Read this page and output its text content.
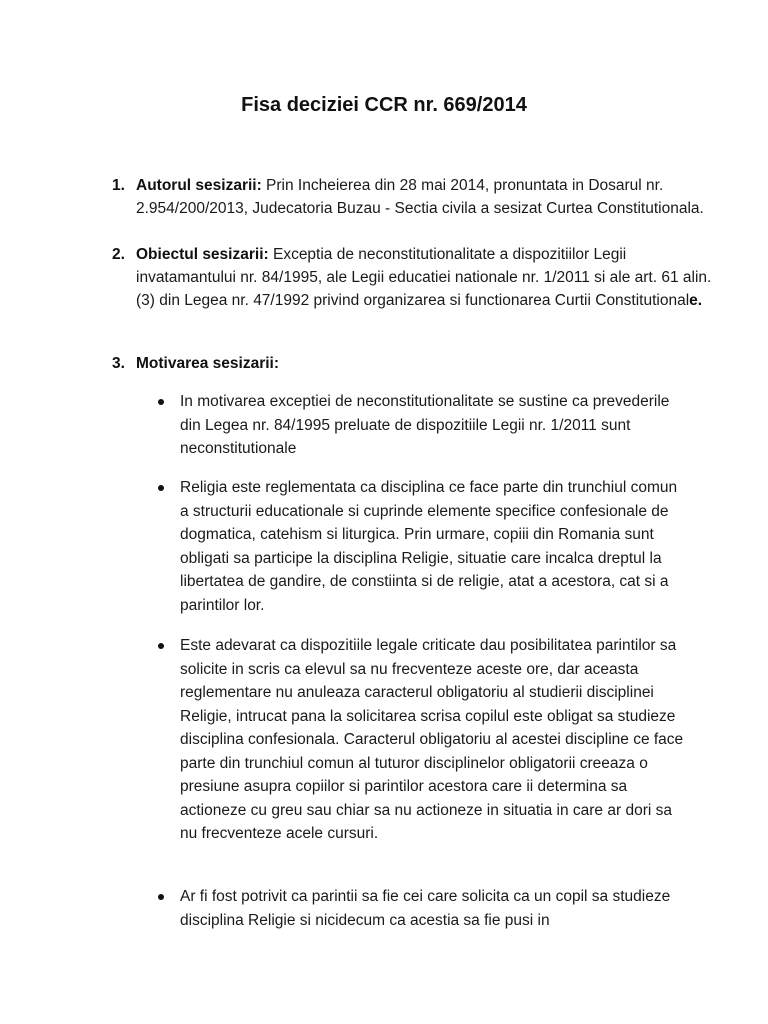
Fisa deciziei CCR nr. 669/2014
1. Autorul sesizarii: Prin Incheierea din 28 mai 2014, pronuntata in Dosarul nr. 2.954/200/2013, Judecatoria Buzau - Sectia civila a sesizat Curtea Constitutionala.
2. Obiectul sesizarii: Exceptia de neconstitutionalitate a dispozitiilor Legii invatamantului nr. 84/1995, ale Legii educatiei nationale nr. 1/2011 si ale art. 61 alin. (3) din Legea nr. 47/1992 privind organizarea si functionarea Curtii Constitutionale.
3. Motivarea sesizarii:
In motivarea exceptiei de neconstitutionalitate se sustine ca prevederile din Legea nr. 84/1995 preluate de dispozitiile Legii nr. 1/2011 sunt neconstitutionale
Religia este reglementata ca disciplina ce face parte din trunchiul comun a structurii educationale si cuprinde elemente specifice confesionale de dogmatica, catehism si liturgica. Prin urmare, copiii din Romania sunt obligati sa participe la disciplina Religie, situatie care incalca dreptul la libertatea de gandire, de constiinta si de religie, atat a acestora, cat si a parintilor lor.
Este adevarat ca dispozitiile legale criticate dau posibilitatea parintilor sa solicite in scris ca elevul sa nu frecventeze aceste ore, dar aceasta reglementare nu anuleaza caracterul obligatoriu al studierii disciplinei Religie, intrucat pana la solicitarea scrisa copilul este obligat sa studieze disciplina confesionala. Caracterul obligatoriu al acestei discipline ce face parte din trunchiul comun al tuturor disciplinelor obligatorii creeaza o presiune asupra copiilor si parintilor acestora care ii determina sa actioneze cu greu sau chiar sa nu actioneze in situatia in care ar dori sa nu frecventeze acele cursuri.
Ar fi fost potrivit ca parintii sa fie cei care solicita ca un copil sa studieze disciplina Religie si nicidecum ca acestia sa fie pusi in
